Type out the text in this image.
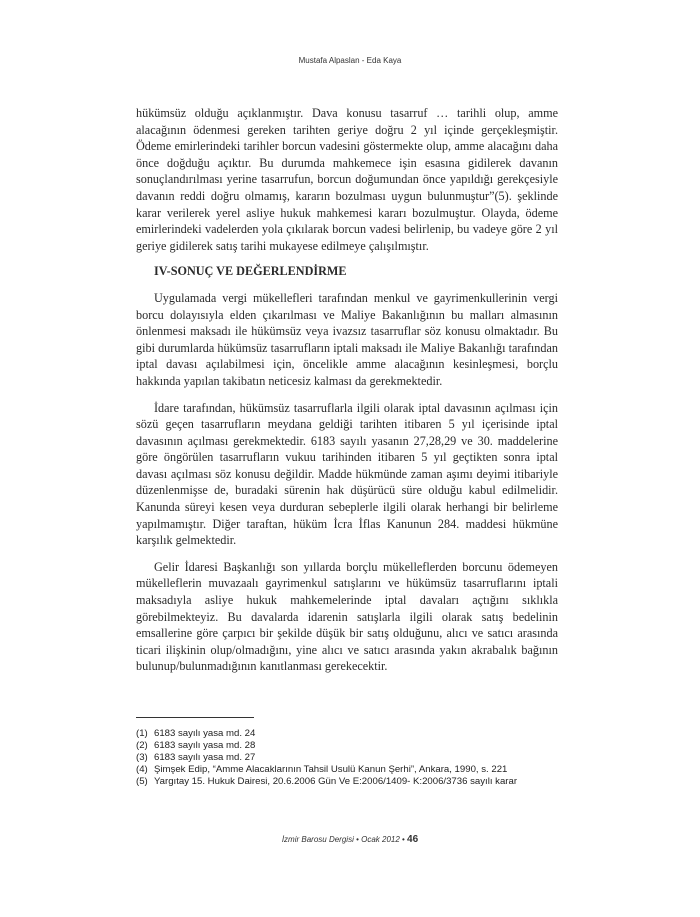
Mustafa Alpaslan - Eda Kaya

hükümsüz olduğu açıklanmıştır. Dava konusu tasarruf … tarihli olup, amme alacağının ödenmesi gereken tarihten geriye doğru 2 yıl içinde gerçekleşmiştir. Ödeme emirlerindeki tarihler borcun vadesini göstermekte olup, amme alacağını daha önce doğduğu açıktır. Bu durumda mahkemece işin esasına gidilerek davanın sonuçlandırılması yerine tasarrufun, borcun doğumundan önce yapıldığı gerekçesiyle davanın reddi doğru olmamış, kararın bozulması uygun bulunmuştur”(5). şeklinde karar verilerek yerel asliye hukuk mahkemesi kararı bozulmuştur. Olayda, ödeme emirlerindeki vadelerden yola çıkılarak borcun vadesi belirlenip, bu vadeye göre 2 yıl geriye gidilerek satış tarihi mukayese edilmeye çalışılmıştır.

IV-SONUÇ VE DEĞERLENDİRME

Uygulamada vergi mükellefleri tarafından menkul ve gayrimenkullerinin vergi borcu dolayısıyla elden çıkarılması ve Maliye Bakanlığının bu malları almasının önlenmesi maksadı ile hükümsüz veya ivazsız tasarruflar söz konusu olmaktadır. Bu gibi durumlarda hükümsüz tasarrufların iptali maksadı ile Maliye Bakanlığı tarafından iptal davası açılabilmesi için, öncelikle amme alacağının kesinleşmesi, borçlu hakkında yapılan takibatın neticesiz kalması da gerekmektedir.

İdare tarafından, hükümsüz tasarruflarla ilgili olarak iptal davasının açılması için sözü geçen tasarrufların meydana geldiği tarihten itibaren 5 yıl içerisinde iptal davasının açılması gerekmektedir. 6183 sayılı yasanın 27,28,29 ve 30. maddelerine göre öngörülen tasarrufların vukuu tarihinden itibaren 5 yıl geçtikten sonra iptal davası açılması söz konusu değildir. Madde hükmünde zaman aşımı deyimi itibariyle düzenlenmişse de, buradaki sürenin hak düşürücü süre olduğu kabul edilmelidir. Kanunda süreyi kesen veya durduran sebeplerle ilgili olarak herhangi bir belirleme yapılmamıştır. Diğer taraftan, hüküm İcra İflas Kanunun 284. maddesi hükmüne karşılık gelmektedir.

Gelir İdaresi Başkanlığı son yıllarda borçlu mükelleflerden borcunu ödemeyen mükelleflerin muvazaalı gayrimenkul satışlarını ve hükümsüz tasarruflarını iptali maksadıyla asliye hukuk mahkemelerinde iptal davaları açtığını sıklıkla görebilmekteyiz. Bu davalarda idarenin satışlarla ilgili olarak satış bedelinin emsallerine göre çarpıcı bir şekilde düşük bir satış olduğunu, alıcı ve satıcı arasında ticari ilişkinin olup/olmadığını, yine alıcı ve satıcı arasında yakın akrabalık bağının bulunup/bulunmadığının kanıtlanması gerekecektir.

(1) 6183 sayılı yasa md. 24
(2) 6183 sayılı yasa md. 28
(3) 6183 sayılı yasa md. 27
(4) Şimşek Edip, “Amme Alacaklarının Tahsil Usulü Kanun Şerhi”, Ankara, 1990, s. 221
(5) Yargıtay 15. Hukuk Dairesi, 20.6.2006 Gün Ve E:2006/1409- K:2006/3736 sayılı karar
İzmir Barosu Dergisi • Ocak 2012 • 46
